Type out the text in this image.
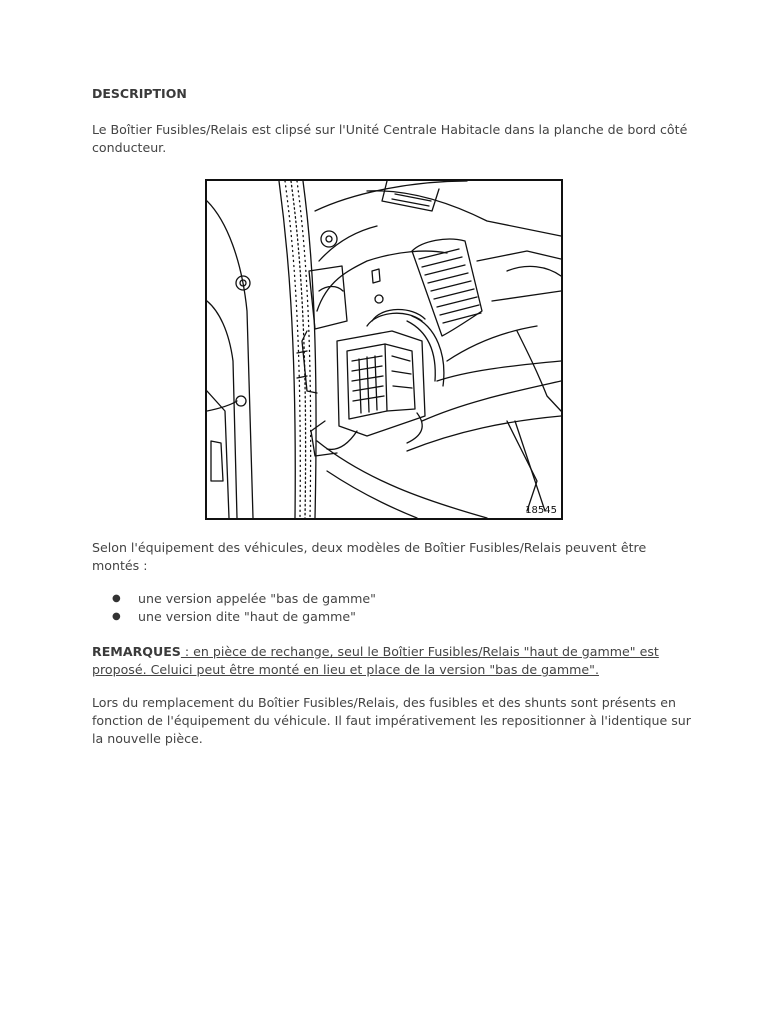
DESCRIPTION
Le Boîtier Fusibles/Relais est clipsé sur l'Unité Centrale Habitacle dans la planche de bord côté conducteur.
18545
Selon l'équipement des véhicules, deux modèles de Boîtier Fusibles/Relais peuvent être montés :
● une version appelée "bas de gamme"
● une version dite "haut de gamme"
REMARQUES : en pièce de rechange, seul le Boîtier Fusibles/Relais "haut de gamme" est proposé. Celuici peut être monté en lieu et place de la version "bas de gamme".
Lors du remplacement du Boîtier Fusibles/Relais, des fusibles et des shunts sont présents en fonction de l'équipement du véhicule. Il faut impérativement les repositionner à l'identique sur la nouvelle pièce.
